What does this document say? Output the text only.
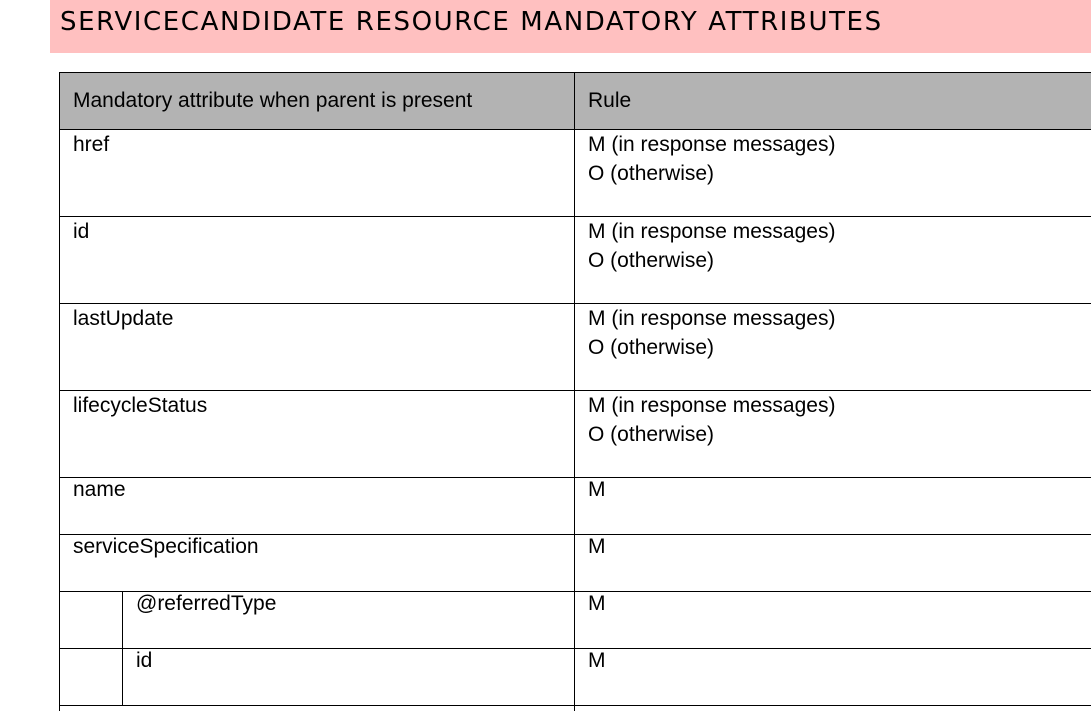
SERVICECANDIDATE RESOURCE MANDATORY ATTRIBUTES
Mandatory attribute when parent is present		Rule

href		M (in response messages)
O (otherwise)

id		M (in response messages)
O (otherwise)

lastUpdate		M (in response messages)
O (otherwise)

lifecycleStatus		M (in response messages)
O (otherwise)

name		M
serviceSpecification		M
	@referredType	M
	id	M
